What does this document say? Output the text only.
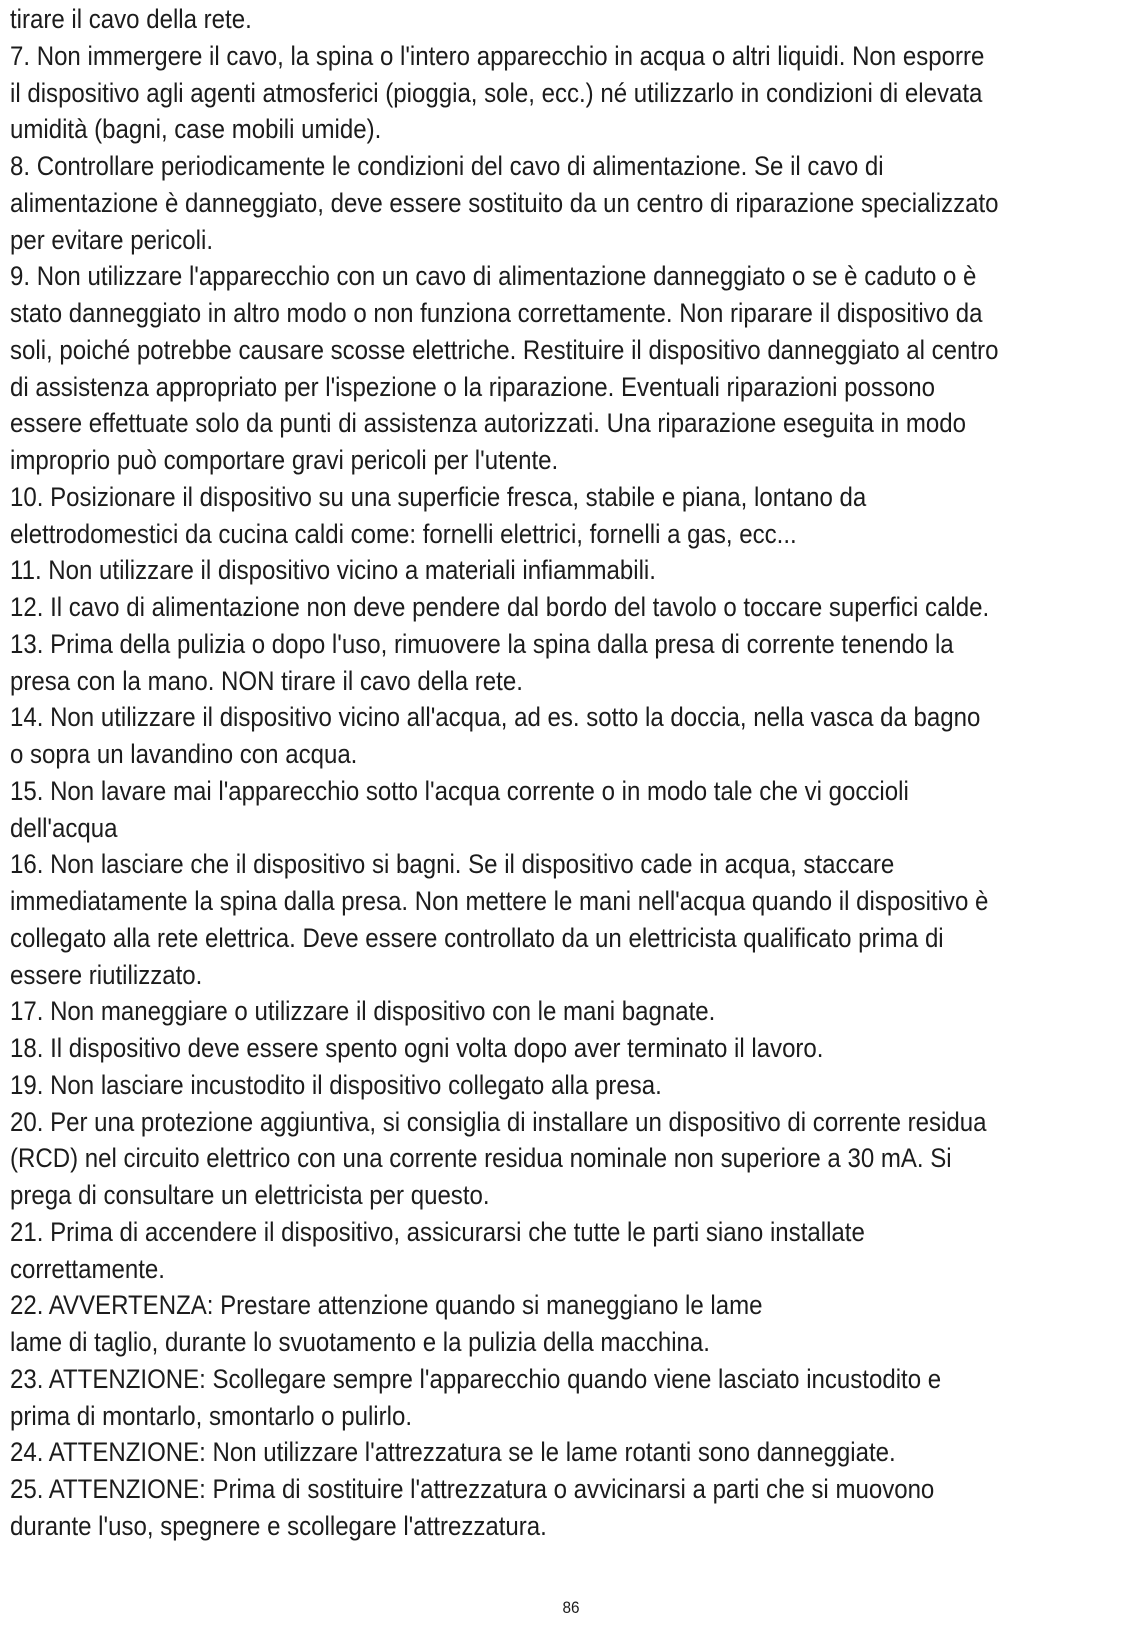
tirare il cavo della rete.
7. Non immergere il cavo, la spina o l'intero apparecchio in acqua o altri liquidi. Non esporre
il dispositivo agli agenti atmosferici (pioggia, sole, ecc.) né utilizzarlo in condizioni di elevata
umidità (bagni, case mobili umide).
8. Controllare periodicamente le condizioni del cavo di alimentazione. Se il cavo di
alimentazione è danneggiato, deve essere sostituito da un centro di riparazione specializzato
per evitare pericoli.
9. Non utilizzare l'apparecchio con un cavo di alimentazione danneggiato o se è caduto o è
stato danneggiato in altro modo o non funziona correttamente. Non riparare il dispositivo da
soli, poiché potrebbe causare scosse elettriche. Restituire il dispositivo danneggiato al centro
di assistenza appropriato per l'ispezione o la riparazione. Eventuali riparazioni possono
essere effettuate solo da punti di assistenza autorizzati. Una riparazione eseguita in modo
improprio può comportare gravi pericoli per l'utente.
10. Posizionare il dispositivo su una superficie fresca, stabile e piana, lontano da
elettrodomestici da cucina caldi come: fornelli elettrici, fornelli a gas, ecc...
11. Non utilizzare il dispositivo vicino a materiali infiammabili.
12. Il cavo di alimentazione non deve pendere dal bordo del tavolo o toccare superfici calde.
13. Prima della pulizia o dopo l'uso, rimuovere la spina dalla presa di corrente tenendo la
presa con la mano. NON tirare il cavo della rete.
14. Non utilizzare il dispositivo vicino all'acqua, ad es. sotto la doccia, nella vasca da bagno
o sopra un lavandino con acqua.
15. Non lavare mai l'apparecchio sotto l'acqua corrente o in modo tale che vi goccioli
dell'acqua
16. Non lasciare che il dispositivo si bagni. Se il dispositivo cade in acqua, staccare
immediatamente la spina dalla presa. Non mettere le mani nell'acqua quando il dispositivo è
collegato alla rete elettrica. Deve essere controllato da un elettricista qualificato prima di
essere riutilizzato.
17. Non maneggiare o utilizzare il dispositivo con le mani bagnate.
18. Il dispositivo deve essere spento ogni volta dopo aver terminato il lavoro.
19. Non lasciare incustodito il dispositivo collegato alla presa.
20. Per una protezione aggiuntiva, si consiglia di installare un dispositivo di corrente residua
(RCD) nel circuito elettrico con una corrente residua nominale non superiore a 30 mA. Si
prega di consultare un elettricista per questo.
21. Prima di accendere il dispositivo, assicurarsi che tutte le parti siano installate
correttamente.
22. AVVERTENZA: Prestare attenzione quando si maneggiano le lame
lame di taglio, durante lo svuotamento e la pulizia della macchina.
23. ATTENZIONE: Scollegare sempre l'apparecchio quando viene lasciato incustodito e
prima di montarlo, smontarlo o pulirlo.
24. ATTENZIONE: Non utilizzare l'attrezzatura se le lame rotanti sono danneggiate.
25. ATTENZIONE: Prima di sostituire l'attrezzatura o avvicinarsi a parti che si muovono
durante l'uso, spegnere e scollegare l'attrezzatura.
86
